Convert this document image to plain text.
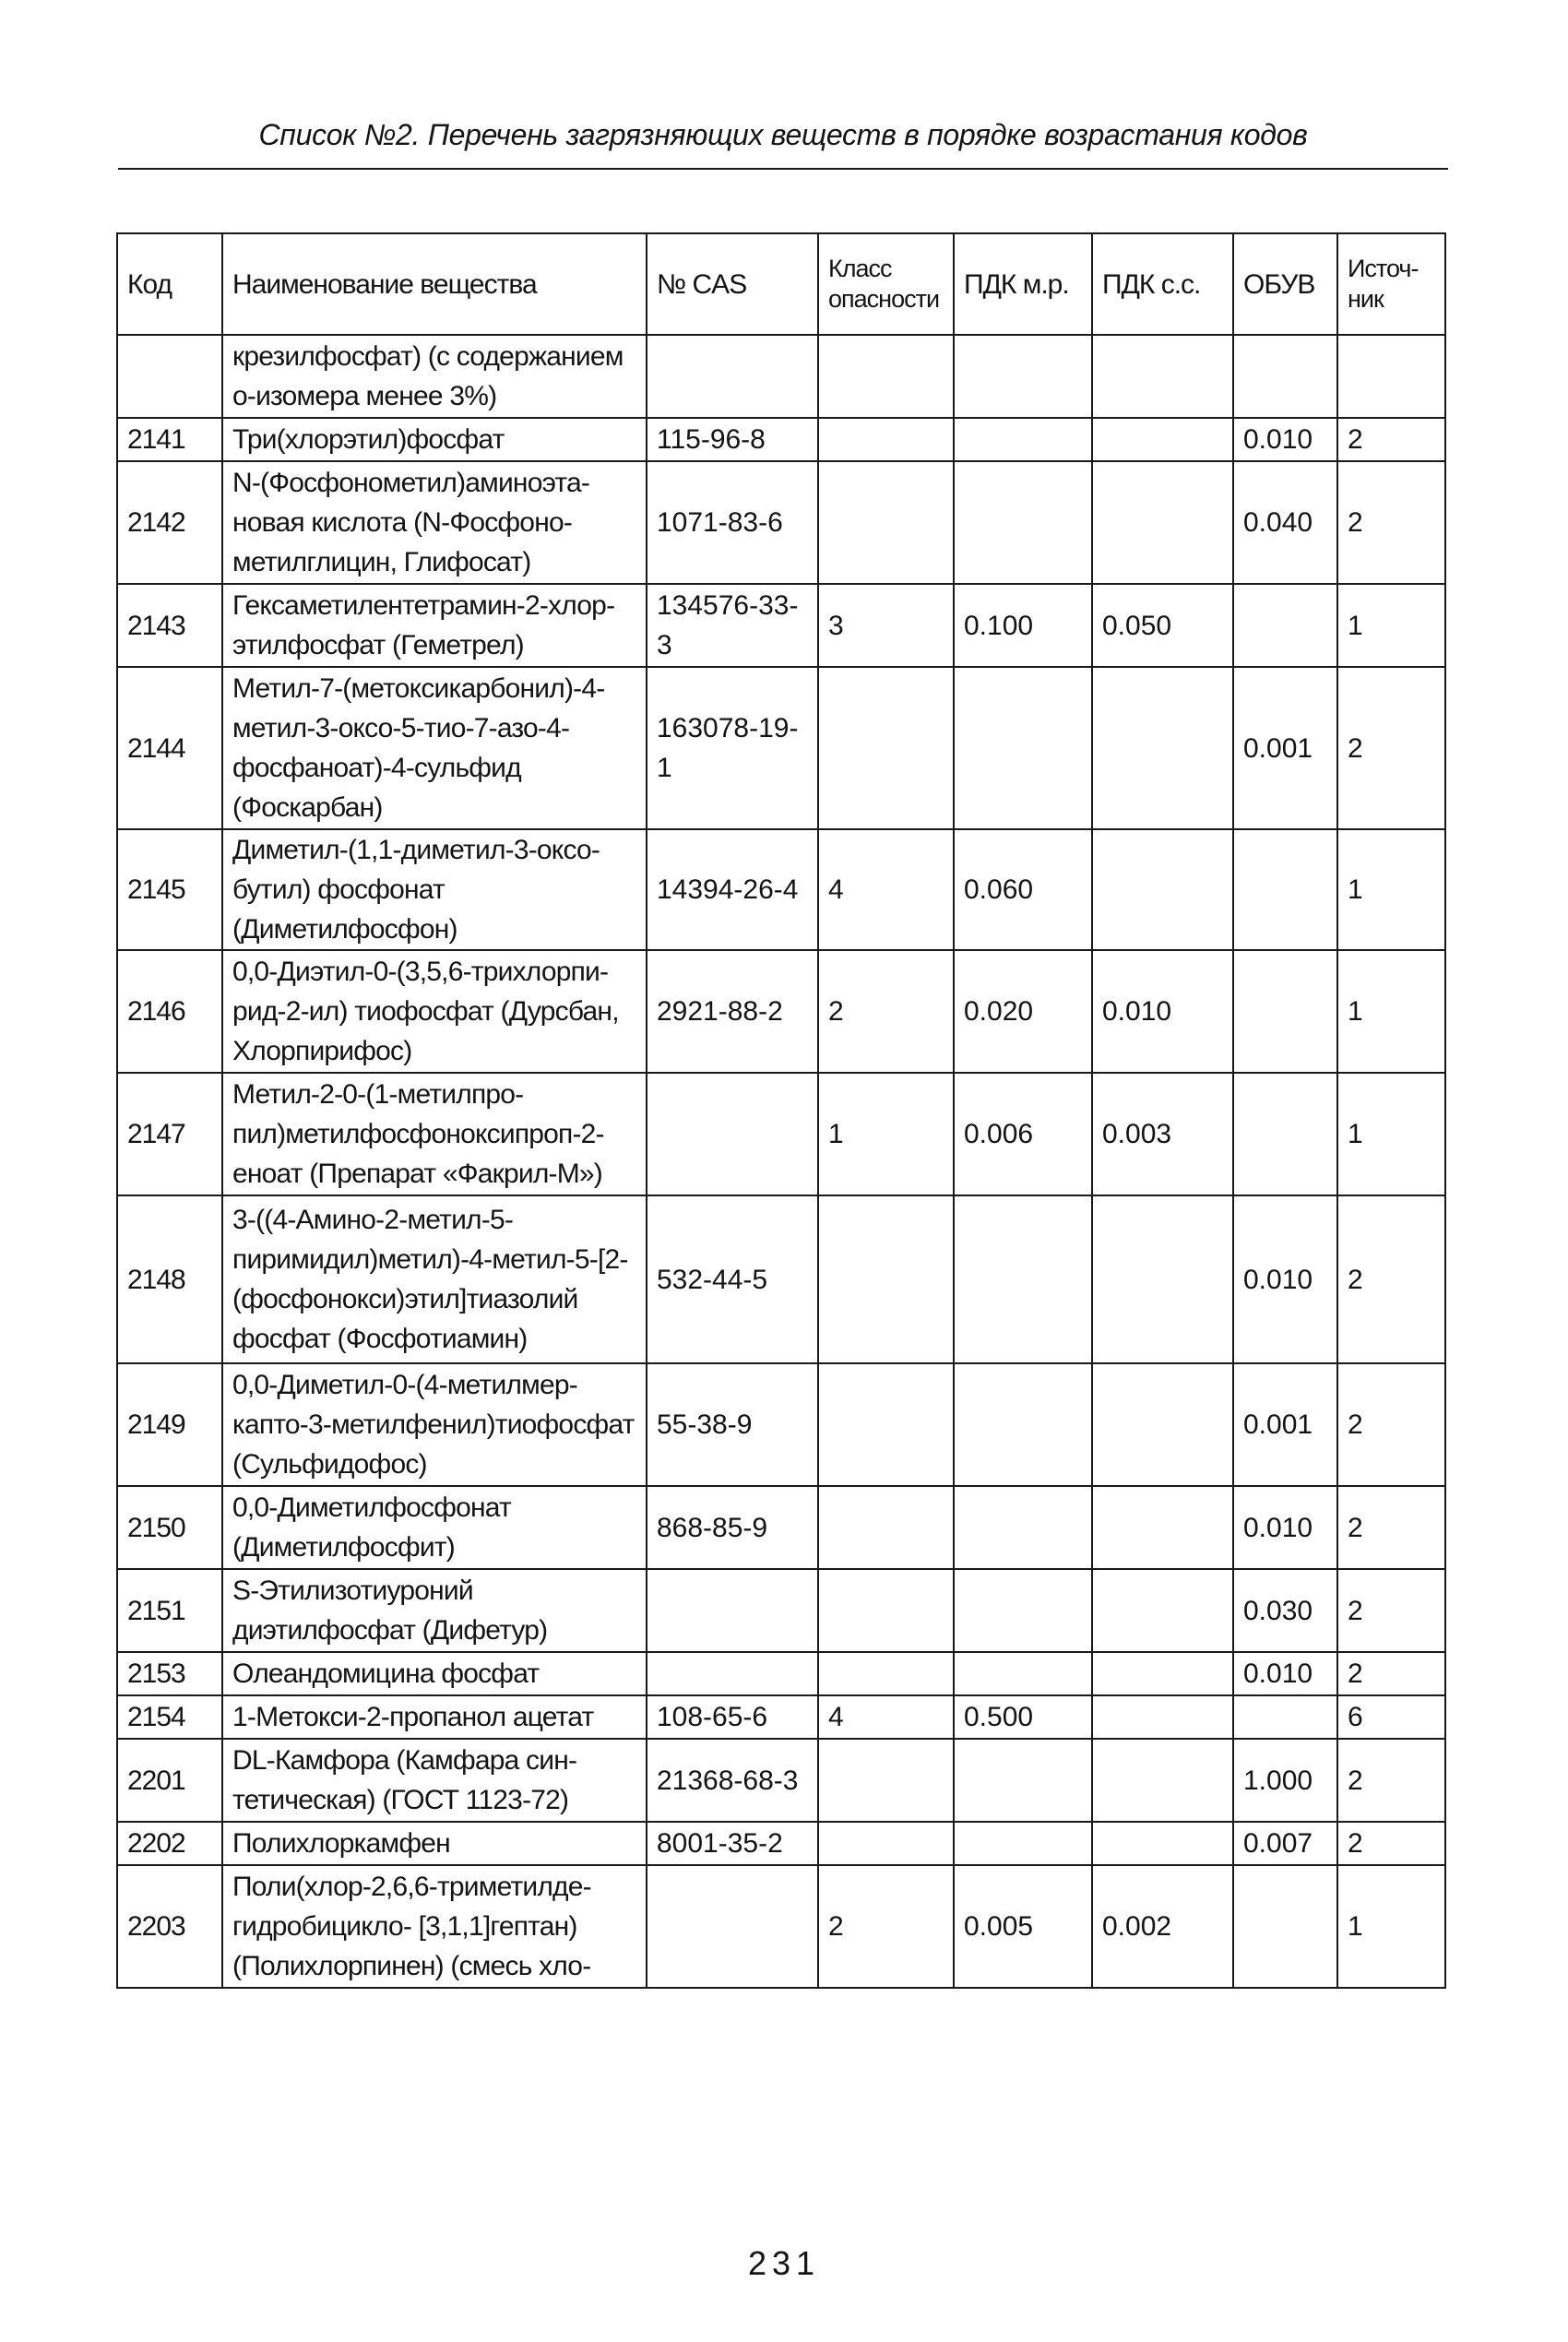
Список №2. Перечень загрязняющих веществ в порядке возрастания кодов
Код	Наименование вещества	№ CAS	Класс опасности	ПДК м.р.	ПДК с.с.	ОБУВ	Источ-ник
	крезилфосфат) (с содержанием о-изомера менее 3%)						
2141	Три(хлорэтил)фосфат	115-96-8				0.010	2
2142	N-(Фосфонометил)аминоэта-новая кислота (N-Фосфоно-метилглицин, Глифосат)	1071-83-6				0.040	2
2143	Гексаметилентетрамин-2-хлор-этилфосфат (Геметрел)	134576-33-3	3	0.100	0.050		1
2144	Метил-7-(метоксикарбонил)-4-метил-3-оксо-5-тио-7-азо-4-фосфаноат)-4-сульфид (Фоскарбан)	163078-19-1				0.001	2
2145	Диметил-(1,1-диметил-3-оксо-бутил) фосфонат (Диметилфосфон)	14394-26-4	4	0.060			1
2146	0,0-Диэтил-0-(3,5,6-трихлорпи-рид-2-ил) тиофосфат (Дурсбан, Хлорпирифос)	2921-88-2	2	0.020	0.010		1
2147	Метил-2-0-(1-метилпро-пил)метилфосфоноксипроп-2-еноат (Препарат «Факрил-М»)		1	0.006	0.003		1
2148	3-((4-Амино-2-метил-5-пиримидил)метил)-4-метил-5-[2-(фосфонокси)этил]тиазолий фосфат (Фосфотиамин)	532-44-5				0.010	2
2149	0,0-Диметил-0-(4-метилмер-капто-3-метилфенил)тиофосфат (Сульфидофос)	55-38-9				0.001	2
2150	0,0-Диметилфосфонат (Диметилфосфит)	868-85-9				0.010	2
2151	S-Этилизотиуроний диэтилфосфат (Дифетур)					0.030	2
2153	Олеандомицина фосфат					0.010	2
2154	1-Метокси-2-пропанол ацетат	108-65-6	4	0.500			6
2201	DL-Камфора (Камфара син-тетическая) (ГОСТ 1123-72)	21368-68-3				1.000	2
2202	Полихлоркамфен	8001-35-2				0.007	2
2203	Поли(хлор-2,6,6-триметилде-гидробицикло- [3,1,1]гептан) (Полихлорпинен) (смесь хло-		2	0.005	0.002		1
231
